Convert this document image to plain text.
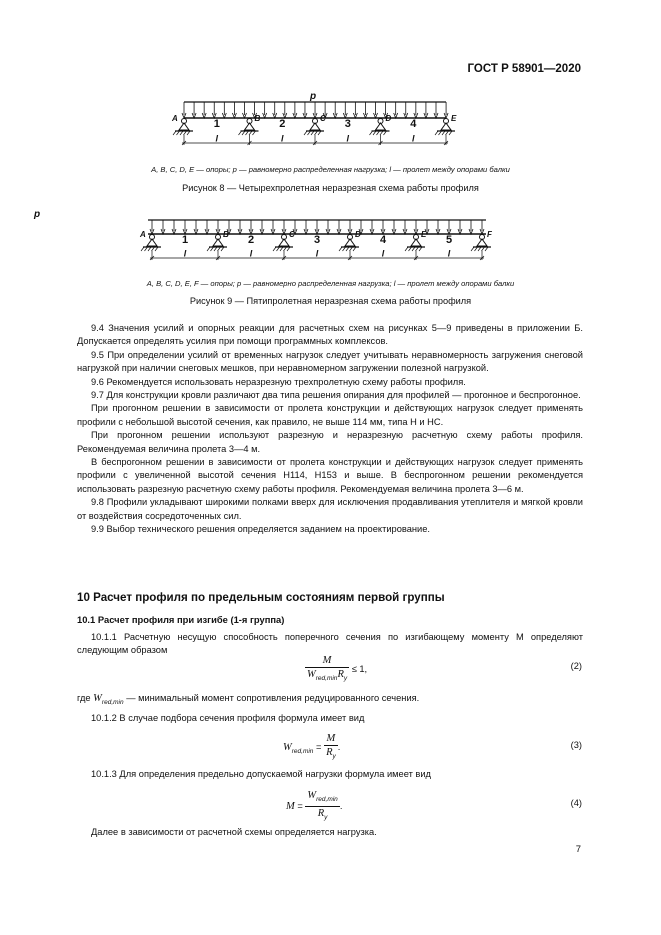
ГОСТ Р 58901—2020
A	B	C	D	E
p
1	2	3	4
l	l	l	l
A, B, C, D, E — опоры; p — равномерно распределенная нагрузка; l — пролет между опорами балки
Рисунок 8 — Четырехпролетная неразрезная схема работы профиля
A	B	C	D	E	F
p
1	2	3	4	5
l	l	l	l	l
A, B, C, D, E, F — опоры; p — равномерно распределенная нагрузка; l — пролет между опорами балки
Рисунок 9 — Пятипролетная неразрезная схема работы профиля

9.4 Значения усилий и опорных реакции для расчетных схем на рисунках 5—9 приведены в приложении Б. Допускается определять усилия при помощи программных комплексов.

9.5 При определении усилий от временных нагрузок следует учитывать неравномерность загружения снеговой нагрузкой при наличии снеговых мешков, при неравномерном загружении полезной нагрузкой.

9.6 Рекомендуется использовать неразрезную трехпролетную схему работы профиля.

9.7 Для конструкции кровли различают два типа решения опирания для профилей — прогонное и беспрогонное.

При прогонном решении в зависимости от пролета конструкции и действующих нагрузок следует применять профили с небольшой высотой сечения, как правило, не выше 114 мм, типа Н и НС.

При прогонном решении используют разрезную и неразрезную расчетную схему работы профиля. Рекомендуемая величина пролета 3—4 м.

В беспрогонном решении в зависимости от пролета конструкции и действующих нагрузок следует применять профили с увеличенной высотой сечения Н114, Н153 и выше. В беспрогонном решении рекомендуется использовать разрезную расчетную схему работы профиля. Рекомендуемая величина пролета 3—6 м.

9.8 Профили укладывают широкими полками вверх для исключения продавливания утеплителя и мягкой кровли от воздействия сосредоточенных сил.

9.9 Выбор технического решения определяется заданием на проектирование.

10 Расчет профиля по предельным состояниям первой группы
10.1 Расчет профиля при изгибе (1-я группа)

10.1.1 Расчетную несущую способность поперечного сечения по изгибающему моменту M определяют следующим образом

$\frac{M}{W_{red,min}R_y} \le 1$,	(2)
где $W_{red,min}$ — минимальный момент сопротивления редуцированного сечения.
10.1.2 В случае подбора сечения профиля формула имеет вид
$W_{red,min} = \frac{M}{R_y}$ .	(3)
10.1.3 Для определения предельно допускаемой нагрузки формула имеет вид
$M = \frac{W_{red,min}}{R_y}$ .	(4)
Далее в зависимости от расчетной схемы определяется нагрузка.
7
